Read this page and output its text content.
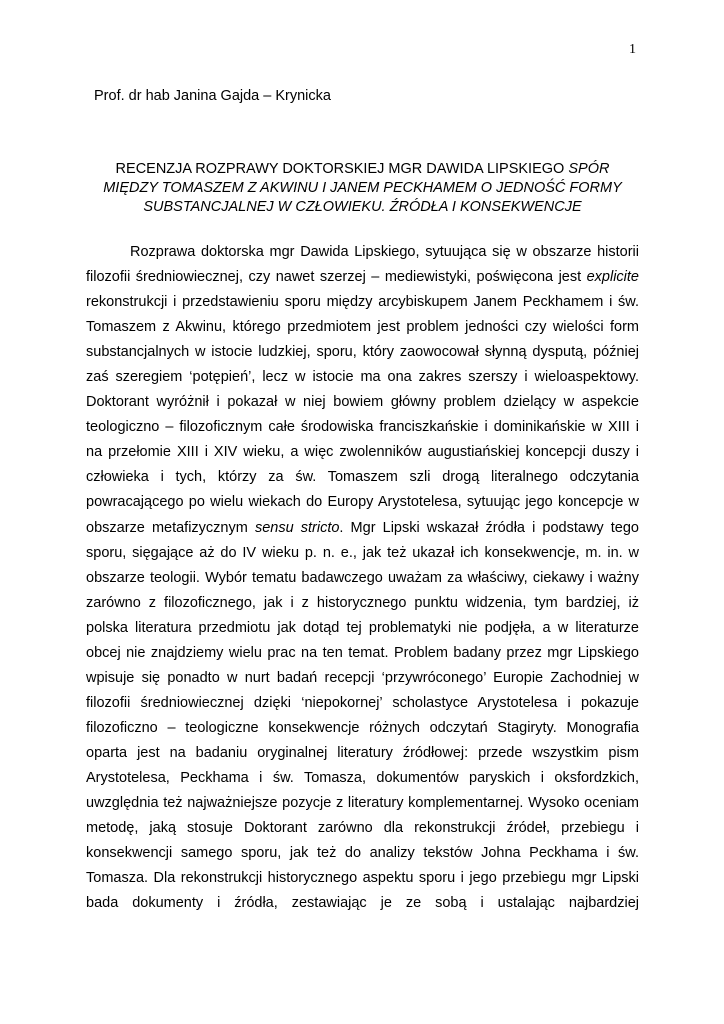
1
Prof. dr hab Janina Gajda – Krynicka
RECENZJA ROZPRAWY DOKTORSKIEJ MGR DAWIDA LIPSKIEGO SPÓR
MIĘDZY TOMASZEM Z AKWINU I JANEM PECKHAMEM O JEDNOŚĆ FORMY
SUBSTANCJALNEJ W CZŁOWIEKU. ŹRÓDŁA I KONSEKWENCJE
Rozprawa doktorska mgr Dawida Lipskiego, sytuująca się w obszarze historii
filozofii średniowiecznej, czy nawet szerzej – mediewistyki, poświęcona jest explicite
rekonstrukcji i przedstawieniu sporu między arcybiskupem Janem Peckhamem i św.
Tomaszem z Akwinu, którego przedmiotem jest problem jedności czy wielości form
substancjalnych w istocie ludzkiej, sporu, który zaowocował słynną dysputą, później
zaś szeregiem ‘potępień’, lecz w istocie ma ona zakres szerszy i wieloaspektowy.
Doktorant wyróżnił i pokazał w niej bowiem główny problem dzielący w aspekcie
teologiczno – filozoficznym całe środowiska franciszkańskie i dominikańskie w XIII i
na przełomie XIII i XIV wieku, a więc zwolenników augustiańskiej koncepcji duszy i
człowieka i tych, którzy za św. Tomaszem szli drogą literalnego odczytania
powracającego po wielu wiekach do Europy Arystotelesa, sytuując jego koncepcje w
obszarze metafizycznym sensu stricto. Mgr Lipski wskazał źródła i podstawy tego
sporu, sięgające aż do IV wieku p. n. e., jak też ukazał ich konsekwencje, m. in. w
obszarze teologii. Wybór tematu badawczego uważam za właściwy, ciekawy i ważny
zarówno z filozoficznego, jak i z historycznego punktu widzenia, tym bardziej, iż
polska literatura przedmiotu jak dotąd tej problematyki nie podjęła, a w literaturze
obcej nie znajdziemy wielu prac na ten temat. Problem badany przez mgr Lipskiego
wpisuje się ponadto w nurt badań recepcji ‘przywróconego’ Europie Zachodniej w
filozofii średniowiecznej dzięki ‘niepokornej’ scholastyce Arystotelesa i pokazuje
filozoficzno – teologiczne konsekwencje różnych odczytań Stagiryty. Monografia
oparta jest na badaniu oryginalnej literatury źródłowej: przede wszystkim pism
Arystotelesa, Peckhama i św. Tomasza, dokumentów paryskich i oksfordzkich,
uwzględnia też najważniejsze pozycje z literatury komplementarnej. Wysoko oceniam
metodę, jaką stosuje Doktorant zarówno dla rekonstrukcji źródeł, przebiegu i
konsekwencji samego sporu, jak też do analizy tekstów Johna Peckhama i św.
Tomasza. Dla rekonstrukcji historycznego aspektu sporu i jego przebiegu mgr Lipski
bada dokumenty i źródła, zestawiając je ze sobą i ustalając najbardziej
